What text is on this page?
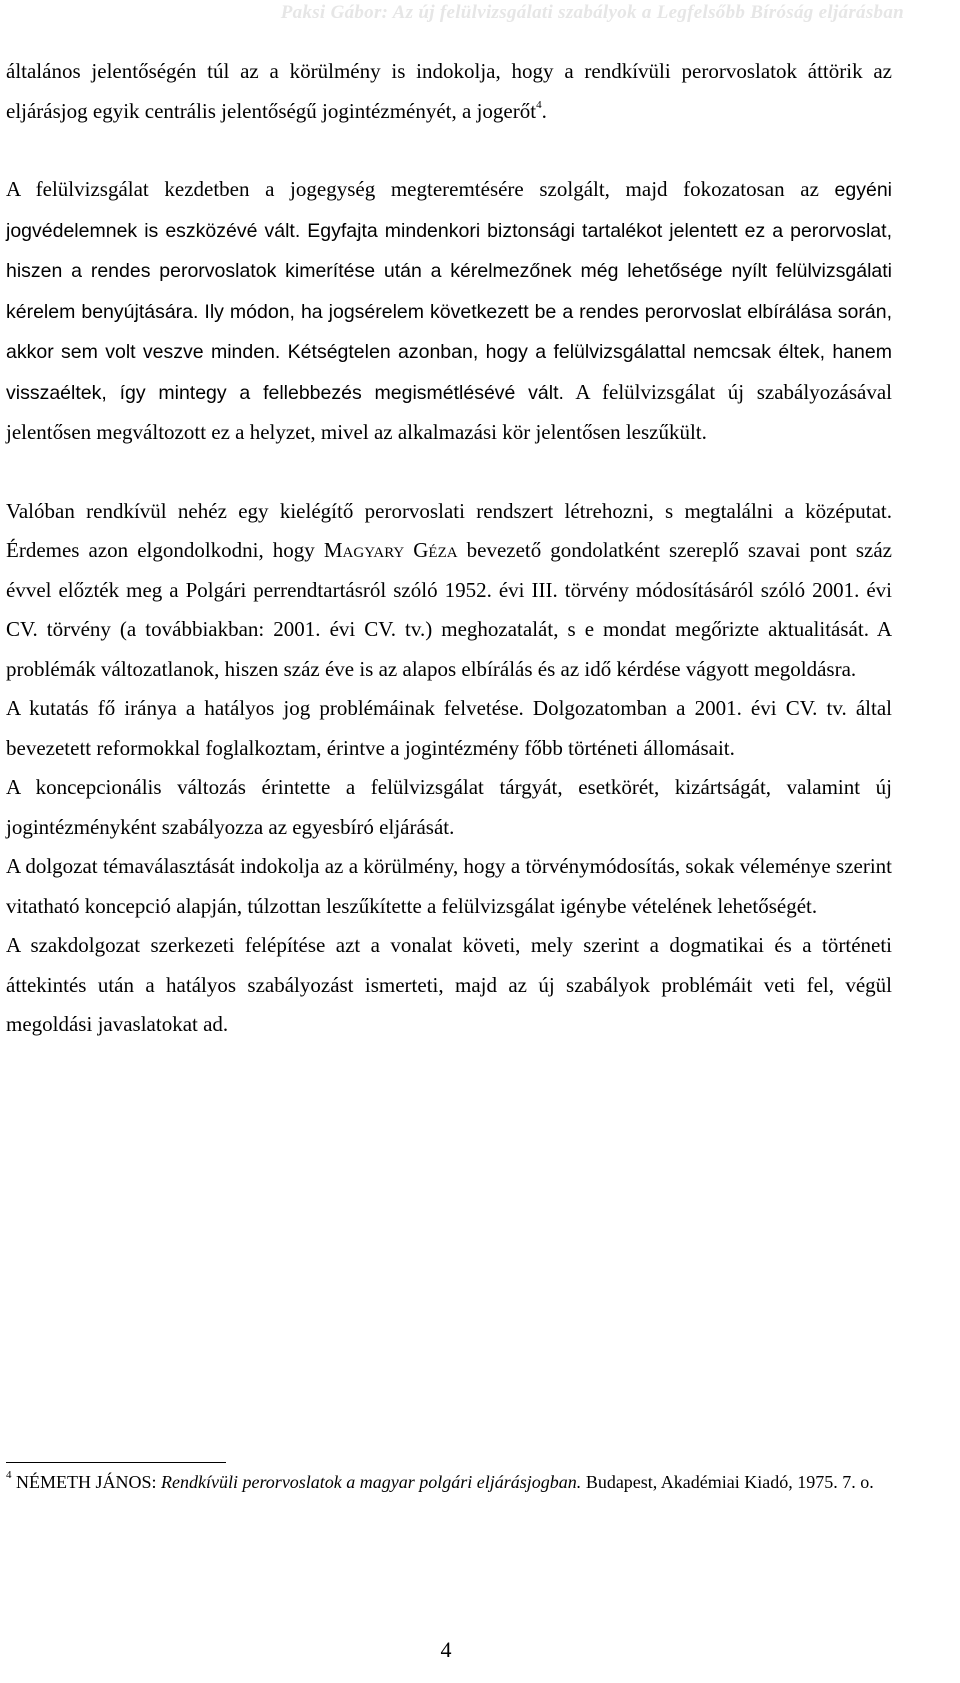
Paksi Gábor: Az új felülvizsgálati szabályok a Legfelsőbb Bíróság eljárásban

általános jelentőségén túl az a körülmény is indokolja, hogy a rendkívüli perorvoslatok áttörik az eljárásjog egyik centrális jelentőségű jogintézményét, a jogerőt$^4$.

A felülvizsgálat kezdetben a jogegység megteremtésére szolgált, majd fokozatosan az egyéni jogvédelemnek is eszközévé vált. Egyfajta mindenkori biztonsági tartalékot jelentett ez a perorvoslat, hiszen a rendes perorvoslatok kimerítése után a kérelmezőnek még lehetősége nyílt felülvizsgálati kérelem benyújtására. Ily módon, ha jogsérelem következett be a rendes perorvoslat elbírálása során, akkor sem volt veszve minden. Kétségtelen azonban, hogy a felülvizsgálattal nemcsak éltek, hanem visszaéltek, így mintegy a fellebbezés megismétlésévé vált. A felülvizsgálat új szabályozásával jelentősen megváltozott ez a helyzet, mivel az alkalmazási kör jelentősen leszűkült.

Valóban rendkívül nehéz egy kielégítő perorvoslati rendszert létrehozni, s megtalálni a középutat. Érdemes azon elgondolkodni, hogy Magyary Géza bevezető gondolatként szereplő szavai pont száz évvel előzték meg a Polgári perrendtartásról szóló 1952. évi III. törvény módosításáról szóló 2001. évi CV. törvény (a továbbiakban: 2001. évi CV. tv.) meghozatalát, s e mondat megőrizte aktualitását. A problémák változatlanok, hiszen száz éve is az alapos elbírálás és az idő kérdése vágyott megoldásra.

A kutatás fő iránya a hatályos jog problémáinak felvetése. Dolgozatomban a 2001. évi CV. tv. által bevezetett reformokkal foglalkoztam, érintve a jogintézmény főbb történeti állomásait.

A koncepcionális változás érintette a felülvizsgálat tárgyát, esetkörét, kizártságát, valamint új jogintézményként szabályozza az egyesbíró eljárását.

A dolgozat témaválasztását indokolja az a körülmény, hogy a törvénymódosítás, sokak véleménye szerint vitatható koncepció alapján, túlzottan leszűkítette a felülvizsgálat igénybe vételének lehetőségét.

A szakdolgozat szerkezeti felépítése azt a vonalat követi, mely szerint a dogmatikai és a történeti áttekintés után a hatályos szabályozást ismerteti, majd az új szabályok problémáit veti fel, végül megoldási javaslatokat ad.

$^4$ NÉMETH JÁNOS: Rendkívüli perorvoslatok a magyar polgári eljárásjogban. Budapest, Akadémiai Kiadó, 1975. 7. o.
4
